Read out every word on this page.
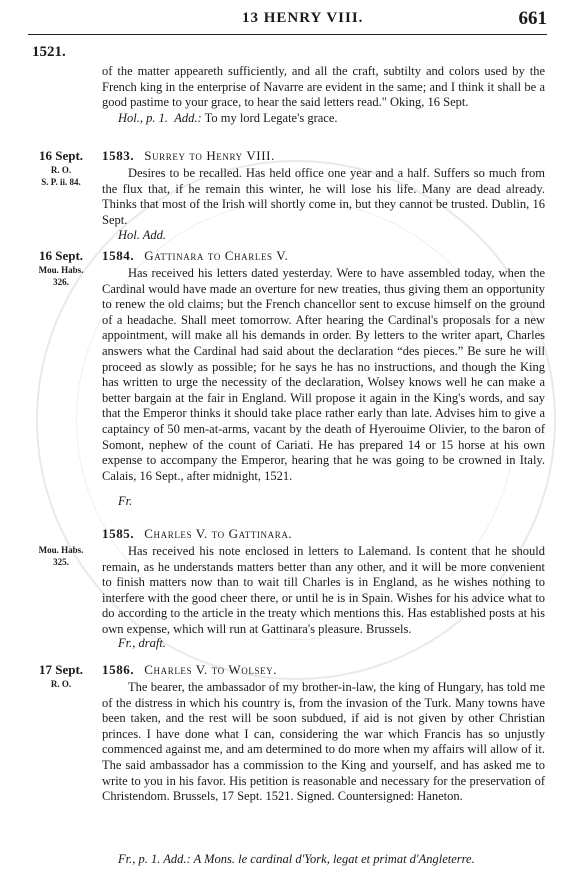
13 HENRY VIII.	661
1521.

of the matter appeareth sufficiently, and all the craft, subtilty and colors used by the French king in the enterprise of Navarre are evident in the same; and I think it shall be a good pastime to your grace, to hear the said letters read." Oking, 16 Sept.

Hol., p. 1. Add.: To my lord Legate's grace.
16 Sept.
R. O.
S. P. ii. 84.
1583. Surrey to Henry VIII.

Desires to be recalled. Has held office one year and a half. Suffers so much from the flux that, if he remain this winter, he will lose his life. Many are dead already. Thinks that most of the Irish will shortly come in, but they cannot be trusted. Dublin, 16 Sept.

Hol. Add.
16 Sept.
Mou. Habs.
326.
1584. Gattinara to Charles V.

Has received his letters dated yesterday. Were to have assembled today, when the Cardinal would have made an overture for new treaties, thus giving them an opportunity to renew the old claims; but the French chancellor sent to excuse himself on the ground of a headache. Shall meet tomorrow. After hearing the Cardinal's proposals for a new appointment, will make all his demands in order. By letters to the writer apart, Charles answers what the Cardinal had said about the declaration “des pieces.” Be sure he will proceed as slowly as possible; for he says he has no instructions, and though the King has written to urge the necessity of the declaration, Wolsey knows well he can make a better bargain at the fair in England. Will propose it again in the King's words, and say that the Emperor thinks it should take place rather early than late. Advises him to give a captaincy of 50 men-at-arms, vacant by the death of Hyerouime Olivier, to the baron of Somont, nephew of the count of Cariati. He has prepared 14 or 15 horse at his own expense to accompany the Emperor, hearing that he was going to be crowned in Italy. Calais, 16 Sept., after midnight, 1521.

Fr.
Mou. Habs.
325.
1585. Charles V. to Gattinara.

Has received his note enclosed in letters to Lalemand. Is content that he should remain, as he understands matters better than any other, and it will be more convenient to finish matters now than to wait till Charles is in England, as he wishes nothing to interfere with the good cheer there, or until he is in Spain. Wishes for his advice what to do according to the article in the treaty which mentions this. Has established posts at his own expense, which will run at Gattinara's pleasure. Brussels.

Fr., draft.
17 Sept.
R. O.
1586. Charles V. to Wolsey.

The bearer, the ambassador of my brother-in-law, the king of Hungary, has told me of the distress in which his country is, from the invasion of the Turk. Many towns have been taken, and the rest will be soon subdued, if aid is not given by other Christian princes. I have done what I can, considering the war which Francis has so unjustly commenced against me, and am determined to do more when my affairs will allow of it. The said ambassador has a commission to the King and yourself, and has asked me to write to you in his favor. His petition is reasonable and necessary for the preservation of Christendom. Brussels, 17 Sept. 1521. Signed. Countersigned: Haneton.

Fr., p. 1. Add.: A Mons. le cardinal d'York, legat et primat d'Angleterre.
